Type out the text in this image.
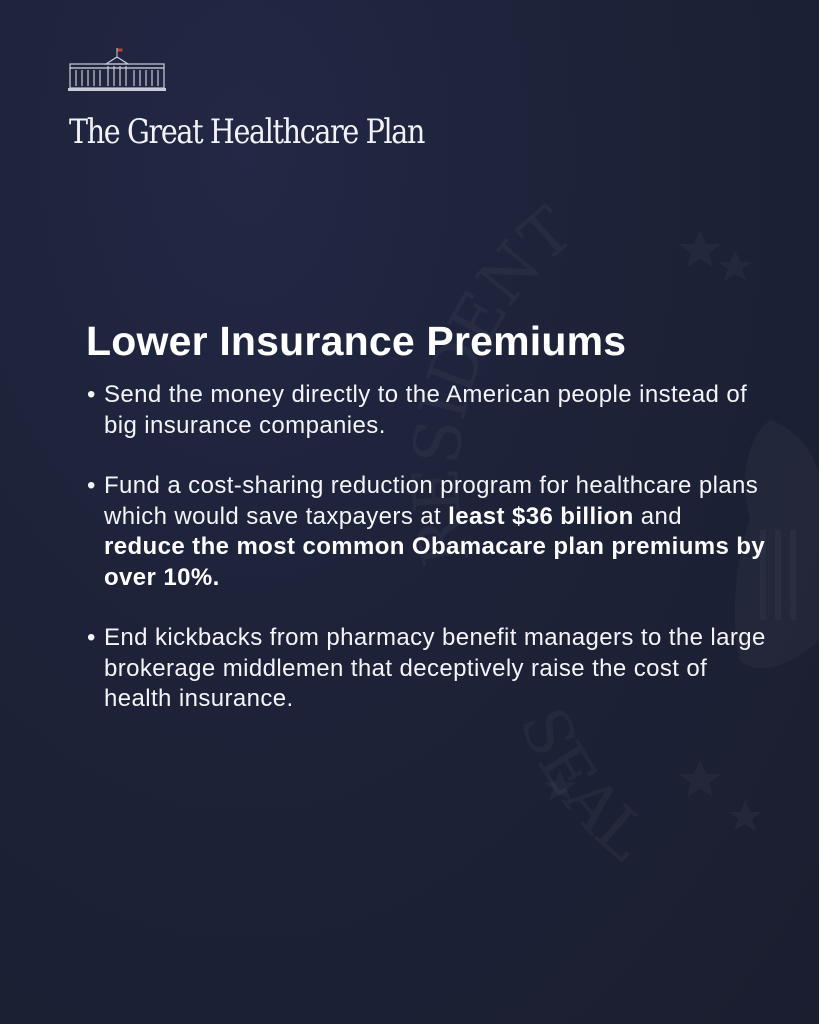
The Great Healthcare Plan
Lower Insurance Premiums
• Send the money directly to the American people instead of big insurance companies.
• Fund a cost-sharing reduction program for healthcare plans which would save taxpayers at least $36 billion and reduce the most common Obamacare plan premiums by over 10%.
• End kickbacks from pharmacy benefit managers to the large brokerage middlemen that deceptively raise the cost of health insurance.
